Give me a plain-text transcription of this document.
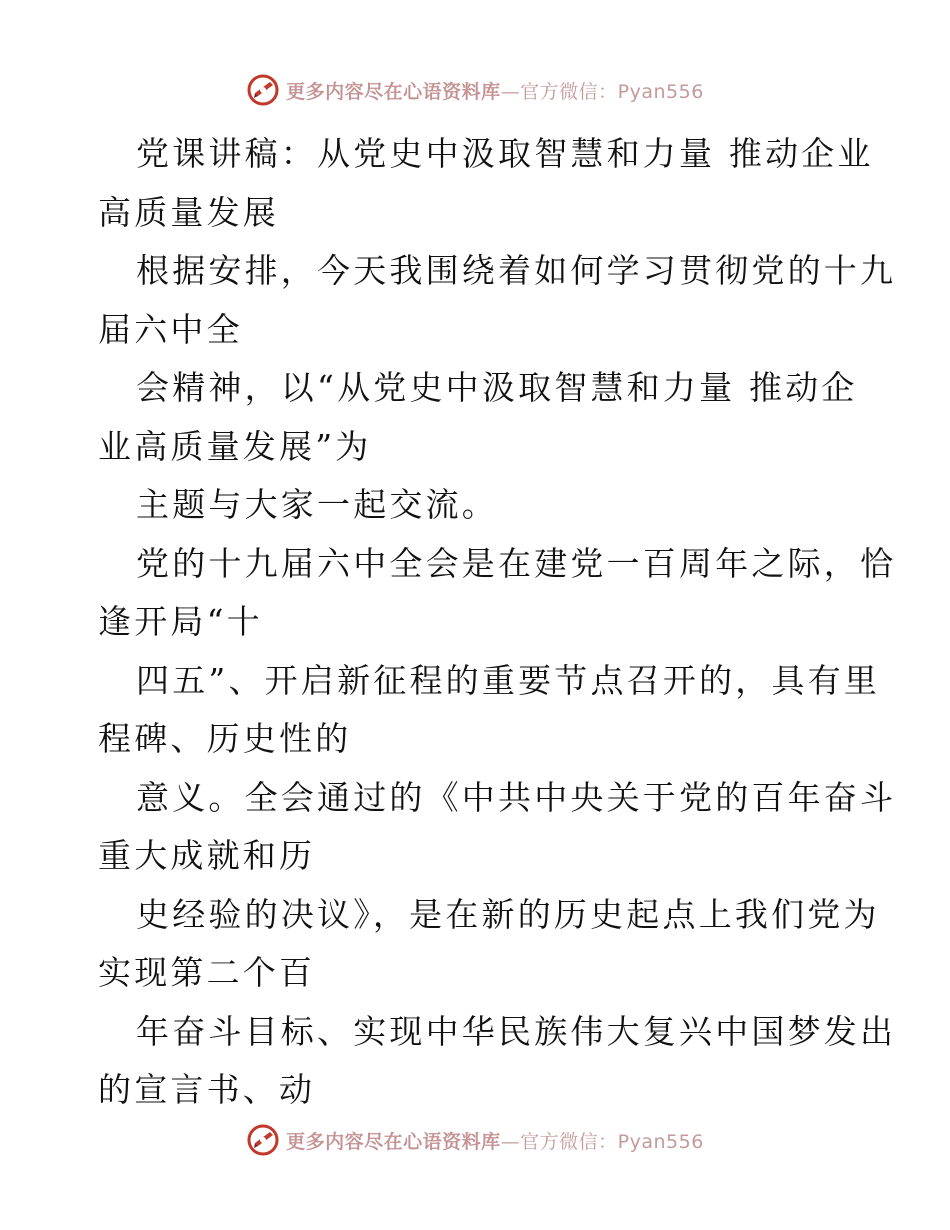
更多内容尽在心语资料库—官方微信：Pyan556
党课讲稿：从党史中汲取智慧和力量 推动企业
高质量发展
根据安排，今天我围绕着如何学习贯彻党的十九
届六中全
会精神，以“从党史中汲取智慧和力量 推动企
业高质量发展”为
主题与大家一起交流。
党的十九届六中全会是在建党一百周年之际，恰
逢开局“十
四五”、开启新征程的重要节点召开的，具有里
程碑、历史性的
意义。全会通过的《中共中央关于党的百年奋斗
重大成就和历
史经验的决议》，是在新的历史起点上我们党为
实现第二个百
年奋斗目标、实现中华民族伟大复兴中国梦发出
的宣言书、动
更多内容尽在心语资料库—官方微信：Pyan556
